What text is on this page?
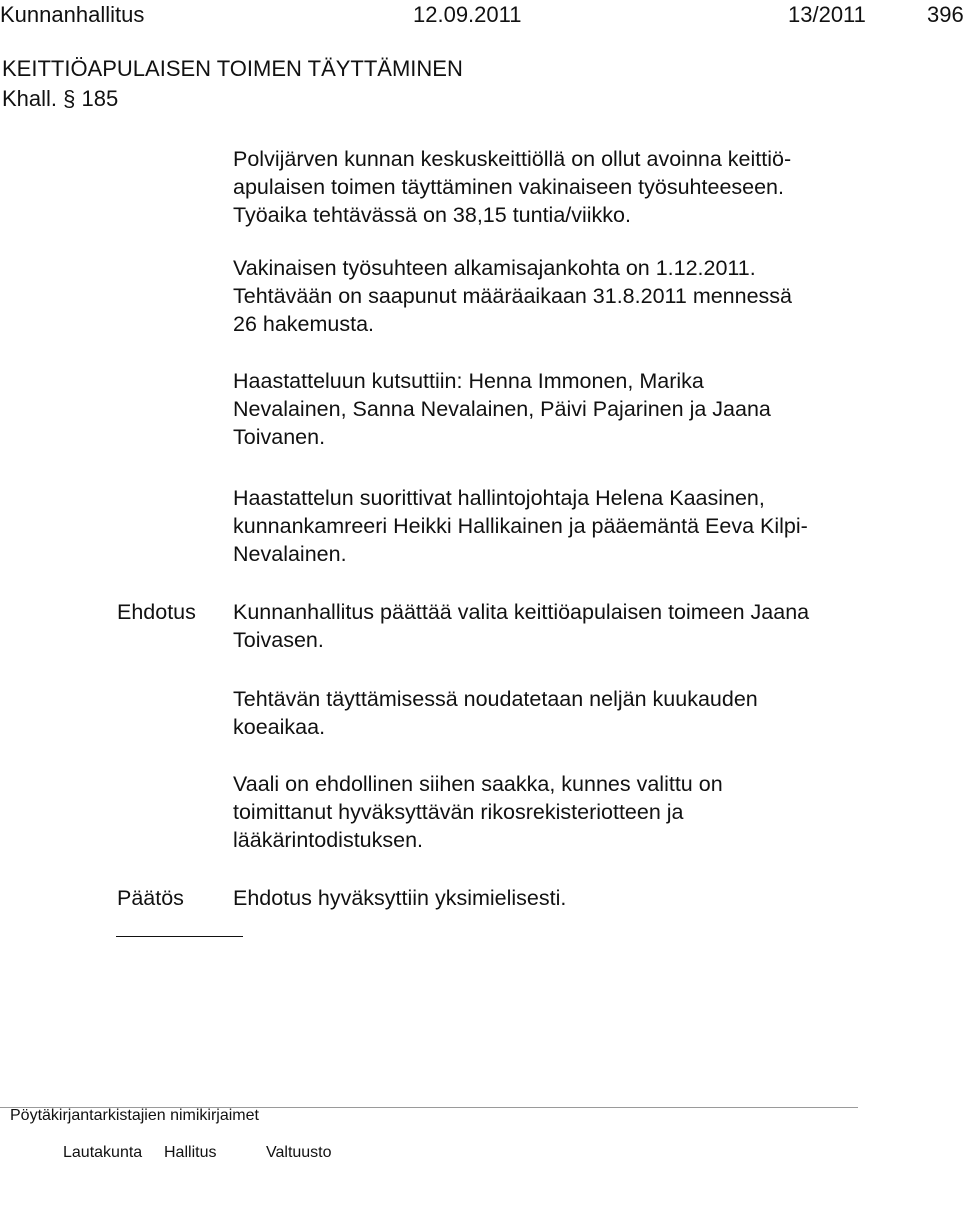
Kunnanhallitus	12.09.2011	13/2011	396
KEITTIÖAPULAISEN TOIMEN TÄYTTÄMINEN
Khall. § 185
Polvijärven kunnan keskuskeittiöllä on ollut avoinna keittiö-
apulaisen toimen täyttäminen vakinaiseen työsuhteeseen.
Työaika tehtävässä on 38,15 tuntia/viikko.
Vakinaisen työsuhteen alkamisajankohta on 1.12.2011.
Tehtävään on saapunut määräaikaan 31.8.2011 mennessä
26 hakemusta.
Haastatteluun kutsuttiin: Henna Immonen, Marika
Nevalainen, Sanna Nevalainen, Päivi Pajarinen ja Jaana
Toivanen.
Haastattelun suorittivat hallintojohtaja Helena Kaasinen,
kunnankamreeri Heikki Hallikainen ja pääemäntä Eeva Kilpi-
Nevalainen.
Ehdotus Kunnanhallitus päättää valita keittiöapulaisen toimeen Jaana
Toivasen.
Tehtävän täyttämisessä noudatetaan neljän kuukauden
koeaikaa.
Vaali on ehdollinen siihen saakka, kunnes valittu on
toimittanut hyväksyttävän rikosrekisteriotteen ja
lääkärintodistuksen.
Päätös Ehdotus hyväksyttiin yksimielisesti.
Pöytäkirjantarkistajien nimikirjaimet
Lautakunta Hallitus	Valtuusto
